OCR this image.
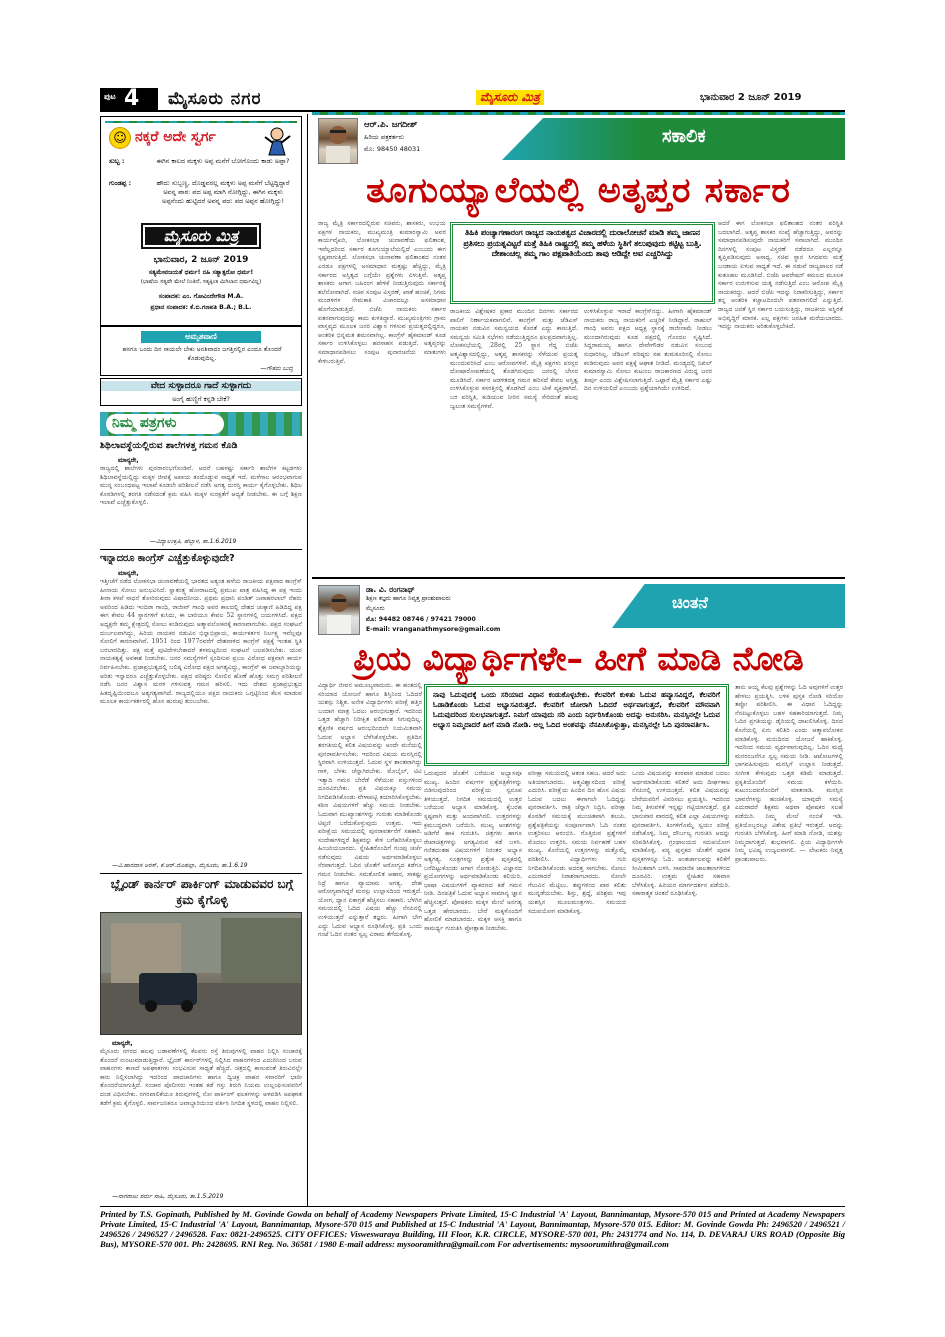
ಪುಟ 4 ಮೈಸೂರು ನಗರ	ಮೈಸೂರು ಮಿತ್ರ	ಭಾನುವಾರ 2 ಜೂನ್ 2019
☺ ನಕ್ಕರೆ ಅದೇ ಸ್ವರ್ಗ
ಸುಬ್ಬ :	ಈಗಿನ ಕಾಲದ ಮಕ್ಕಳು ಅಪ್ಪ ಮನೆಗೆ ಬೋಗೊಂದು ಕಾಡು ಅಪ್ಪಾ?
ಗುಂಡಪ್ಪ :	ಹೌದು ಸುಬ್ಬಣ್ಣ, ದೊಡ್ಡವರಲ್ಲ ಮಕ್ಕಳು ಅಪ್ಪ ಮನೆಗೆ ಬೆಟ್ಟದ್ದಿದ್ದಾರೆ ಅವನ್ನ ಪಾಠ: ಪದ ಅಪ್ಪ ಮಾಗಿ ನೋಗ್ಗಿದ್ದು, ಈಗಿನ ಮಕ್ಕಳು ಅಪ್ಪನೆಂದು ಹುಟ್ಟಿದರೆ ಅವನ್ನ ಪದ: ಪದ ಅಪ್ಪನ ಹೋಗ್ಗಿದ್ದು!
ಮೈಸೂರು ಮಿತ್ರ
ಭಾನುವಾರ, 2 ಜೂನ್ 2019
ಸತ್ಯಮೇವಜಯತೆ ಧರ್ಮ! ನಹಿ ಸತ್ಯಾತ್ಪರೋ ಧರ್ಮ!
(ಭಾಷೆಯ ಸತ್ಯವೇ ಮೇಲೆ ನಿಂತಿದೆ, ಸತ್ಯಕ್ಕಿಂತ ಮಿಗಿಲಾದ ಧರ್ಮವಿಲ್ಲ)
ಸಂಪಾದಕ: ಎಂ. ಗೋವಿಂದೇಗೌಡ M.A.
ಪ್ರಧಾನ ಸಂಪಾದಕ: ಕೆ.ಬಿ.ಗಣಪತಿ B.A.; B.L.
ಅಮೃತವಾಣಿ
ಹಸಗೂ ಒಂದು ದಿನ ಸಾಯಲೇ ಬೇಕು ಅನತಿವಾದಂ ಜಗತ್ತಿನಲ್ಲಿನ ಎಂದೂ ತೊಂದರೆ ಕೊಡುವುದಿಲ್ಲ.
—ಗೌತಮ ಬುದ್ಧ
ವೇದ ಸುಳ್ಳಾದರೂ ಗಾದೆ ಸುಳ್ಳಾಗದು
ಅಂಗೈ ಹುಣ್ಣಿಗೆ ಕನ್ನಡಿ ಬೇಕೆ?
ನಿಮ್ಮ ಪತ್ರಗಳು
ಶಿಥಿಲಾವಸ್ಥೆಯಲ್ಲಿರುವ ಶಾಲೆಗಳತ್ತ ಗಮನ ಕೊಡಿ
ಮಾನ್ಯರೇ,
ರಾಜ್ಯದಲ್ಲಿ ಶಾಲೆಗಳು ಪುನರಾರಂಭಗೊಂಡಿವೆ. ಆದರೆ ಬಹಳಷ್ಟು ಸರ್ಕಾರಿ ಶಾಲೆಗಳ ಕಟ್ಟಡಗಳು ಶಿಥಿಲಾವಸ್ಥೆಯಲ್ಲಿದ್ದು ಮಕ್ಕಳ ಜೀವಕ್ಕೆ ಅಪಾಯ ತಂದೊಡ್ಡುವ ಸಾಧ್ಯತೆ ಇದೆ. ಮಳೆಗಾಲ ಆರಂಭವಾಗುವ ಮುನ್ನ ಸಂಬಂಧಪಟ್ಟ ಇಲಾಖೆ ಕೂಡಲೇ ಪರಿಶೀಲನೆ ನಡೆಸಿ ಅಗತ್ಯ ದುರಸ್ತಿ ಕಾರ್ಯ ಕೈಗೊಳ್ಳಬೇಕು. ಶಿಥಿಲ ಕೊಠಡಿಗಳಲ್ಲಿ ತರಗತಿ ನಡೆಸದಂತೆ ಕ್ರಮ ವಹಿಸಿ ಮಕ್ಕಳ ಸುರಕ್ಷತೆಗೆ ಆದ್ಯತೆ ನೀಡಬೇಕು. ಈ ಬಗ್ಗೆ ಶಿಕ್ಷಣ ಇಲಾಖೆ ಎಚ್ಚೆತ್ತುಕೊಳ್ಳಲಿ.
—ವಿದ್ಯಾಲಂಕೃತಿ, ಹೆಬ್ಬಾಳ, ತಾ.1.6.2019
ಇನ್ನಾದರೂ ಕಾಂಗ್ರೆಸ್ ಎಚ್ಚೆತ್ತುಕೊಳ್ಳುವುದೇ?
ಮಾನ್ಯರೇ,
ಇತ್ತೀಚೆಗೆ ನಡೆದ ಲೋಕಸಭಾ ಚುನಾವಣೆಯಲ್ಲಿ ಭಾರತದ ಅತ್ಯಂತ ಹಳೆಯ ರಾಜಕೀಯ ಪಕ್ಷವಾದ ಕಾಂಗ್ರೆಸ್ ಹೀನಾಯ ಸೋಲು ಅನುಭವಿಸಿದೆ. ಸ್ವಾತಂತ್ರ್ಯ ಹೋರಾಟದಲ್ಲಿ ಪ್ರಮುಖ ಪಾತ್ರ ವಹಿಸಿದ್ದ ಈ ಪಕ್ಷ ಇಂದು ತೀರಾ ಕಳಪೆ ಸಾಧನೆ ತೋರಿರುವುದು ವಿಷಾದನೀಯ. ಪ್ರಥಮ ಪ್ರಧಾನಿ ಪಂಡಿತ್ ಜವಾಹರಲಾಲ್ ನೆಹರು ಅವರಿಂದ ಹಿಡಿದು ಇಂದಿರಾ ಗಾಂಧಿ, ರಾಜೀವ್ ಗಾಂಧಿ ಅವರ ಕಾಲದಲ್ಲಿ ದೇಶದ ಚುಕ್ಕಾಣಿ ಹಿಡಿದಿದ್ದ ಪಕ್ಷ ಈಗ ಕೇವಲ 44 ಸ್ಥಾನಗಳಿಗೆ ಕುಸಿದು, ಈ ಬಾರಿಯೂ ಕೇವಲ 52 ಸ್ಥಾನಗಳಲ್ಲಿ ಜಯಗಳಿಸಿದೆ. ಪಕ್ಷದ ಅಧ್ಯಕ್ಷರೇ ತಮ್ಮ ಕ್ಷೇತ್ರದಲ್ಲಿ ಸೋಲು ಕಂಡಿರುವುದು ಆತ್ಮಾವಲೋಕನಕ್ಕೆ ಕಾರಣವಾಗಬೇಕು. ಪಕ್ಷದ ಸಂಘಟನೆ ದುರ್ಬಲವಾಗಿದ್ದು, ಹಿರಿಯ ನಾಯಕರ ನಡುವಿನ ಭಿನ್ನಾಭಿಪ್ರಾಯ, ಕಾರ್ಯಕರ್ತರ ನಿರ್ಲಕ್ಷ್ಯ ಇವೆಲ್ಲವೂ ಸೋಲಿಗೆ ಕಾರಣವಾಗಿವೆ. 1951 ರಿಂದ 1977ರವರೆಗೆ ದೇಶವಾಳಿದ ಕಾಂಗ್ರೆಸ್ ಪಕ್ಷಕ್ಕೆ ಇಂತಹ ಸ್ಥಿತಿ ಬರಬಾರದಿತ್ತು. ಪಕ್ಷ ಮತ್ತೆ ಪುಟಿದೇಳಬೇಕಾದರೆ ತಳಮಟ್ಟದಿಂದ ಸಂಘಟನೆ ಬಲಪಡಿಸಬೇಕು. ಯುವ ನಾಯಕತ್ವಕ್ಕೆ ಅವಕಾಶ ನೀಡಬೇಕು. ಜನರ ಸಮಸ್ಯೆಗಳಿಗೆ ಸ್ಪಂದಿಸುವ ಪ್ರಬಲ ವಿರೋಧ ಪಕ್ಷವಾಗಿ ಕಾರ್ಯ ನಿರ್ವಹಿಸಬೇಕು. ಪ್ರಜಾಪ್ರಭುತ್ವದಲ್ಲಿ ಬಲಿಷ್ಠ ವಿರೋಧ ಪಕ್ಷದ ಅಗತ್ಯವಿದ್ದು, ಕಾಂಗ್ರೆಸ್ ಈ ಜವಾಬ್ದಾರಿಯನ್ನು ಅರಿತು ಇನ್ನಾದರೂ ಎಚ್ಚೆತ್ತುಕೊಳ್ಳಬೇಕು. ಪಕ್ಷದ ವರಿಷ್ಠರು ಸೋಲಿನ ಹೊಣೆ ಹೊತ್ತು ಸಮಗ್ರ ಪರಿಶೀಲನೆ ನಡೆಸಿ ಜನರ ವಿಶ್ವಾಸ ಮರಳಿ ಗಳಿಸುವತ್ತ ಗಮನ ಹರಿಸಲಿ. ಇದು ದೇಶದ ಪ್ರಜಾಪ್ರಭುತ್ವದ ಹಿತದೃಷ್ಟಿಯಿಂದಲೂ ಅತ್ಯಗತ್ಯವಾಗಿದೆ. ರಾಜ್ಯದಲ್ಲಿಯೂ ಪಕ್ಷದ ನಾಯಕರು ಒಗ್ಗಟ್ಟಿನಿಂದ ಕೆಲಸ ಮಾಡುವ ಮೂಲಕ ಕಾರ್ಯಕರ್ತರಲ್ಲಿ ಹೊಸ ಹುರುಪು ತುಂಬಬೇಕು.
—ವಿ.ಹಾರದಾಸ ಅರಸ್, ಕೆ.ಆರ್.ಮೊಹಲ್ಲಾ, ಮೈಸೂರು, ತಾ.1.6.19
ಬ್ಲೈಂಡ್ ಕಾರ್ನರ್ ಪಾರ್ಕಿಂಗ್ ಮಾಡುವವರ ಬಗ್ಗೆ ಕ್ರಮ ಕೈಗೊಳ್ಳಿ
ಮಾನ್ಯರೇ,
ಮೈಸೂರು ನಗರದ ಹಲವು ಬಡಾವಣೆಗಳಲ್ಲಿ ಕೆಲವರು ರಸ್ತೆ ತಿರುವುಗಳಲ್ಲಿ ವಾಹನ ನಿಲ್ಲಿಸಿ ಸಂಚಾರಕ್ಕೆ ತೊಂದರೆ ಉಂಟುಮಾಡುತ್ತಿದ್ದಾರೆ. ಬ್ಲೈಂಡ್ ಕಾರ್ನರ್‌ಗಳಲ್ಲಿ ನಿಲ್ಲಿಸಿದ ವಾಹನಗಳಿಂದ ಎದುರಿನಿಂದ ಬರುವ ವಾಹನಗಳು ಕಾಣದೆ ಅಪಘಾತಗಳು ಸಂಭವಿಸುವ ಸಾಧ್ಯತೆ ಹೆಚ್ಚಿದೆ. ಚಿತ್ರದಲ್ಲಿ ಕಾಣುವಂತೆ ತಿರುವಿನಲ್ಲೇ ಕಾರು ನಿಲ್ಲಿಸಲಾಗಿದ್ದು ಇದರಿಂದ ಪಾದಚಾರಿಗಳು ಹಾಗೂ ದ್ವಿಚಕ್ರ ವಾಹನ ಸವಾರರಿಗೆ ಭಾರೀ ತೊಂದರೆಯಾಗುತ್ತಿದೆ. ಸಂಚಾರ ಪೊಲೀಸರು ಇಂತಹ ಕಡೆ ಗಸ್ತು ತಿರುಗಿ ನಿಯಮ ಉಲ್ಲಂಘಿಸುವವರಿಗೆ ದಂಡ ವಿಧಿಸಬೇಕು. ನಗರಪಾಲಿಕೆಯೂ ತಿರುವುಗಳಲ್ಲಿ ನೋ ಪಾರ್ಕಿಂಗ್ ಫಲಕಗಳನ್ನು ಅಳವಡಿಸಿ ಅಪಘಾತ ತಡೆಗೆ ಕ್ರಮ ಕೈಗೊಳ್ಳಲಿ. ಸಾರ್ವಜನಿಕರೂ ಜವಾಬ್ದಾರಿಯಿಂದ ವರ್ತಿಸಿ ನಿಗದಿತ ಸ್ಥಳದಲ್ಲಿ ವಾಹನ ನಿಲ್ಲಿಸಲಿ.
—ನಾಗರಾಜು ಶರ್ಮ ಸಾಹಿ, ಮೈಸೂರು, ತಾ.1.5.2019
ಆರ್.ಪಿ. ಜಗದೀಶ್
ಹಿರಿಯ ಪತ್ರಕರ್ತರು
ಮೊ: 98450 48031
ಸಕಾಲಿಕ
ತೂಗುಯ್ಯಾಲೆಯಲ್ಲಿ ಅತೃಪ್ತರ ಸರ್ಕಾರ
ರಾಜ್ಯ ಮೈತ್ರಿ ಸರ್ಕಾರದಲ್ಲಿರುವ ಸಚಿವರು, ಶಾಸಕರು, ಉಭಯ ಪಕ್ಷಗಳ ನಾಯಕರು, ಮುಖ್ಯಮಂತ್ರಿ ಕುಮಾರಸ್ವಾಮಿ ಅವರ ಕಾರ್ಯವೈಖರಿ, ಲೋಕಸಭಾ ಚುನಾವಣೆಯ ಫಲಿತಾಂಶ, ಇವೆಲ್ಲದರಿಂದ ಸರ್ಕಾರ ತೂಗುಯ್ಯಾಲೆಯಲ್ಲಿದೆ ಎಂಬುದು ಈಗ ಸ್ಪಷ್ಟವಾಗುತ್ತಿದೆ. ಲೋಕಸಭಾ ಚುನಾವಣಾ ಫಲಿತಾಂಶದ ನಂತರ ಎರಡೂ ಪಕ್ಷಗಳಲ್ಲಿ ಅಸಮಾಧಾನ ಮತ್ತಷ್ಟು ಹೆಚ್ಚಿದ್ದು, ಮೈತ್ರಿ ಸರ್ಕಾರದ ಅಸ್ತಿತ್ವದ ಬಗ್ಗೆಯೇ ಪ್ರಶ್ನೆಗಳು ಏಳುತ್ತಿವೆ. ಅತೃಪ್ತ ಶಾಸಕರು ಆಗಾಗ ಬಹಿರಂಗ ಹೇಳಿಕೆ ನೀಡುತ್ತಿರುವುದು ಸರ್ಕಾರಕ್ಕೆ ತಲೆನೋವಾಗಿದೆ. ಸಚಿವ ಸಂಪುಟ ವಿಸ್ತರಣೆ, ಖಾತೆ ಹಂಚಿಕೆ, ನಿಗಮ ಮಂಡಳಿಗಳ ನೇಮಕಾತಿ ವಿಚಾರದಲ್ಲೂ ಅಸಮಾಧಾನ ಹೊಗೆಯಾಡುತ್ತಿದೆ. ಬಿಜೆಪಿ ನಾಯಕರು ಸರ್ಕಾರ ಪತನವಾಗುವುದನ್ನು ಕಾದು ಕುಳಿತಿದ್ದಾರೆ. ಮುಖ್ಯಮಂತ್ರಿಗಳು ಗ್ರಾಮ ವಾಸ್ತವ್ಯದ ಮೂಲಕ ಜನರ ವಿಶ್ವಾಸ ಗಳಿಸುವ ಪ್ರಯತ್ನದಲ್ಲಿದ್ದರೂ, ಆಂತರಿಕ ಭಿನ್ನಮತ ಶಮನವಾಗಿಲ್ಲ. ಕಾಂಗ್ರೆಸ್ ಹೈಕಮಾಂಡ್ ಕೂಡ ಸರ್ಕಾರ ಉಳಿಸಿಕೊಳ್ಳಲು ಹರಸಾಹಸ ಪಡುತ್ತಿದೆ. ಅತೃಪ್ತರನ್ನು ಸಮಾಧಾನಪಡಿಸಲು ಸಂಪುಟ ಪುನಾರಚನೆಯ ಮಾತುಗಳು ಕೇಳಿಬರುತ್ತಿವೆ.
ತಿಹಿಕಿ ಪಂಚ್ಯಾಗಣಾರಂಗ ರಾಜ್ಯದ ನಾಯಕತ್ವದ ವಿಚಾರದಲ್ಲಿ ದುರಾಲೋಚನೆ ಮಾಡಿ ತಮ್ಮ ಜಾಣನ ಪ್ರತಿಸಲು ಪ್ರಯತ್ನವಿಟ್ಟರೆ ಮತ್ತೆ ತಿಹಿಕಿ ರಾಷ್ಟ್ರದಲ್ಲಿ ತಮ್ಮ ಹಳೆಯ ಸ್ಥಿತಿಗೆ ತಲುಪುವುದು ಕಟ್ಟಿಟ್ಟ ಬುತ್ತಿ. ದೇಶಾಂಚಲ್ಲ ತಮ್ಮ ಗಾಂ ಪಕ್ಷಪಾತಿಯೆಂದು ತಾವು ಆಡಿದ್ದೇ ಅವ ಎಚ್ಚರಿಸಿದ್ದು
ರಾಜಕೀಯ ವಿಶ್ಲೇಷಕರ ಪ್ರಕಾರ ಮುಂದಿನ ದಿನಗಳು ಸರ್ಕಾರದ ಪಾಲಿಗೆ ನಿರ್ಣಾಯಕವಾಗಲಿವೆ. ಕಾಂಗ್ರೆಸ್ ಮತ್ತು ಜೆಡಿಎಸ್ ನಾಯಕರ ನಡುವಿನ ಸಮನ್ವಯದ ಕೊರತೆ ಎದ್ದು ಕಾಣುತ್ತಿದೆ. ಸಮನ್ವಯ ಸಮಿತಿ ಸಭೆಗಳು ನಡೆಯುತ್ತಿದ್ದರೂ ಫಲಪ್ರದವಾಗುತ್ತಿಲ್ಲ. ಲೋಕಸಭೆಯಲ್ಲಿ 28ರಲ್ಲಿ 25 ಸ್ಥಾನ ಗೆದ್ದ ಬಿಜೆಪಿ ಆತ್ಮವಿಶ್ವಾಸದಲ್ಲಿದ್ದು, ಅತೃಪ್ತ ಶಾಸಕರನ್ನು ಸೆಳೆಯುವ ಪ್ರಯತ್ನ ಮುಂದುವರಿಸಿದೆ ಎಂಬ ಆರೋಪಗಳಿವೆ. ಮೈತ್ರಿ ಪಕ್ಷಗಳು ಪರಸ್ಪರ ದೋಷಾರೋಪಣೆಯಲ್ಲಿ ತೊಡಗಿರುವುದು ಜನರಲ್ಲಿ ಬೇಸರ ಮೂಡಿಸಿದೆ. ಸರ್ಕಾರ ಆಡಳಿತದತ್ತ ಗಮನ ಹರಿಸದೆ ಕೇವಲ ಅಸ್ತಿತ್ವ ಉಳಿಸಿಕೊಳ್ಳುವ ಕಸರತ್ತಿನಲ್ಲಿ ತೊಡಗಿದೆ ಎಂಬ ಟೀಕೆ ವ್ಯಕ್ತವಾಗಿದೆ. ಬರ ಪರಿಸ್ಥಿತಿ, ಕುಡಿಯುವ ನೀರಿನ ಸಮಸ್ಯೆ ಸೇರಿದಂತೆ ಹಲವು ಜ್ವಲಂತ ಸಮಸ್ಯೆಗಳಿವೆ.
ಉಳಿಸಿಕೊಳ್ಳುವ ಇರಾದೆ ಕಾಂಗ್ರೆಸ್‌ನದ್ದು. ಹೀಗಾಗಿ ಹೈಕಮಾಂಡ್ ನಾಯಕರು ರಾಜ್ಯ ನಾಯಕರಿಗೆ ಎಚ್ಚರಿಕೆ ನೀಡಿದ್ದಾರೆ. ರಾಹುಲ್ ಗಾಂಧಿ ಅವರು ಪಕ್ಷದ ಅಧ್ಯಕ್ಷ ಸ್ಥಾನಕ್ಕೆ ರಾಜೀನಾಮೆ ನೀಡಲು ಮುಂದಾಗಿರುವುದು ಕೂಡ ಪಕ್ಷದಲ್ಲಿ ಗೊಂದಲ ಸೃಷ್ಟಿಸಿದೆ. ಸಿದ್ದರಾಮಯ್ಯ ಹಾಗೂ ದೇವೇಗೌಡರ ನಡುವಿನ ಸಂಬಂಧ ಸುಧಾರಿಸಿಲ್ಲ. ಜೆಡಿಎಸ್ ವರಿಷ್ಠರು ಸಹ ತುಮಕೂರಿನಲ್ಲಿ ಸೋಲು ಕಂಡಿರುವುದು ಅವರ ಪಕ್ಷಕ್ಕೆ ಆಘಾತ ನೀಡಿದೆ. ಮಂಡ್ಯದಲ್ಲಿ ನಿಖಿಲ್ ಕುಮಾರಸ್ವಾಮಿ ಸೋಲು ಕುಟುಂಬ ರಾಜಕಾರಣದ ವಿರುದ್ಧ ಜನರ ತೀರ್ಪು ಎಂದು ವಿಶ್ಲೇಷಿಸಲಾಗುತ್ತಿದೆ. ಒಟ್ಟಾರೆ ಮೈತ್ರಿ ಸರ್ಕಾರ ಎಷ್ಟು ದಿನ ಉಳಿಯಲಿದೆ ಎಂಬುದು ಪ್ರಶ್ನೆಯಾಗಿಯೇ ಉಳಿದಿದೆ.
ಆದರೆ ಈಗ ಲೋಕಸಭಾ ಫಲಿತಾಂಶದ ನಂತರ ಪರಿಸ್ಥಿತಿ ಬದಲಾಗಿದೆ. ಅತೃಪ್ತ ಶಾಸಕರ ಸಂಖ್ಯೆ ಹೆಚ್ಚಾಗುತ್ತಿದ್ದು, ಅವರನ್ನು ಸಮಾಧಾನಪಡಿಸುವುದೇ ನಾಯಕರಿಗೆ ಸವಾಲಾಗಿದೆ. ಮುಂದಿನ ದಿನಗಳಲ್ಲಿ ಸಂಪುಟ ವಿಸ್ತರಣೆ ನಡೆದರೂ ಎಲ್ಲರನ್ನೂ ತೃಪ್ತಿಪಡಿಸುವುದು ಅಸಾಧ್ಯ. ಸಚಿವ ಸ್ಥಾನ ಸಿಗದವರು ಮತ್ತೆ ಬಂಡಾಯ ಏಳುವ ಸಾಧ್ಯತೆ ಇದೆ. ಈ ನಡುವೆ ರಾಜ್ಯಪಾಲರ ನಡೆ ಕುತೂಹಲ ಮೂಡಿಸಿದೆ. ಬಿಜೆಪಿ ಆಪರೇಷನ್ ಕಮಲದ ಮೂಲಕ ಸರ್ಕಾರ ಉರುಳಿಸುವ ಯತ್ನ ನಡೆಸುತ್ತಿದೆ ಎಂಬ ಆರೋಪ ಮೈತ್ರಿ ನಾಯಕರದ್ದು. ಆದರೆ ಬಿಜೆಪಿ ಇದನ್ನು ನಿರಾಕರಿಸುತ್ತಿದ್ದು, ಸರ್ಕಾರ ತನ್ನ ಆಂತರಿಕ ಕಚ್ಚಾಟದಿಂದಲೇ ಪತನವಾಗಲಿದೆ ಎನ್ನುತ್ತಿದೆ. ರಾಜ್ಯದ ಜನತೆ ಸ್ಥಿರ ಸರ್ಕಾರ ಬಯಸುತ್ತಿದ್ದು, ರಾಜಕೀಯ ಅಸ್ಥಿರತೆ ಅಭಿವೃದ್ಧಿಗೆ ಮಾರಕ. ಎಲ್ಲ ಪಕ್ಷಗಳು ಜನಹಿತ ಮರೆಯಬಾರದು. ಇದನ್ನು ನಾಯಕರು ಅರಿತುಕೊಳ್ಳಬೇಕಿದೆ.
ಡಾ. ವಿ. ರಂಗನಾಥ್
ಶಿಕ್ಷಣ ತಜ್ಞರು ಹಾಗೂ ನಿವೃತ್ತ ಪ್ರಾಂಶುಪಾಲರು
ಮೈಸೂರು
ಮೊ: 94482 08746 / 97421 79000
E-mail: vranganathmysore@gmail.com
ಚಿಂತನೆ
ಪ್ರಿಯ ವಿದ್ಯಾರ್ಥಿಗಳೇ– ಹೀಗೆ ಮಾಡಿ ನೋಡಿ
ವಿದ್ಯಾರ್ಥಿ ಜೀವನ ಅಮೂಲ್ಯವಾದುದು. ಈ ಹಂತದಲ್ಲಿ ಸರಿಯಾದ ಯೋಜನೆ ಹಾಗೂ ಶಿಸ್ತಿನಿಂದ ಓದಿದರೆ ಯಶಸ್ಸು ನಿಶ್ಚಿತ. ಅನೇಕ ವಿದ್ಯಾರ್ಥಿಗಳು ಪರೀಕ್ಷೆ ಹತ್ತಿರ ಬಂದಾಗ ಮಾತ್ರ ಓದಲು ಆರಂಭಿಸುತ್ತಾರೆ. ಇದರಿಂದ ಒತ್ತಡ ಹೆಚ್ಚಾಗಿ ನಿರೀಕ್ಷಿತ ಫಲಿತಾಂಶ ಸಿಗುವುದಿಲ್ಲ. ಶೈಕ್ಷಣಿಕ ವರ್ಷದ ಆರಂಭದಿಂದಲೇ ನಿಯಮಿತವಾಗಿ ಓದುವ ಅಭ್ಯಾಸ ಬೆಳೆಸಿಕೊಳ್ಳಬೇಕು. ಪ್ರತಿದಿನ ತರಗತಿಯಲ್ಲಿ ಕಲಿತ ವಿಷಯವನ್ನು ಅಂದೇ ಮನೆಯಲ್ಲಿ ಪುನರಾವರ್ತಿಸಬೇಕು. ಇದರಿಂದ ವಿಷಯ ಮನಸ್ಸಿನಲ್ಲಿ ಸ್ಥಿರವಾಗಿ ಉಳಿಯುತ್ತದೆ. ಓದುವ ಸ್ಥಳ ಶಾಂತವಾಗಿದ್ದು ಗಾಳಿ, ಬೆಳಕು ಚೆನ್ನಾಗಿರಬೇಕು. ಮೊಬೈಲ್, ಟಿವಿ ಇತ್ಯಾದಿ ಗಮನ ಬೇರೆಡೆ ಸೆಳೆಯುವ ವಸ್ತುಗಳಿಂದ ದೂರವಿರಬೇಕು. ಪ್ರತಿ ವಿಷಯಕ್ಕೂ ಸಮಯ ನಿಗದಿಪಡಿಸಿಕೊಂಡು ವೇಳಾಪಟ್ಟಿ ತಯಾರಿಸಿಕೊಳ್ಳಬೇಕು. ಕಠಿಣ ವಿಷಯಗಳಿಗೆ ಹೆಚ್ಚು ಸಮಯ ನೀಡಬೇಕು. ಓದುವಾಗ ಮುಖ್ಯಾಂಶಗಳನ್ನು ಗುರುತು ಮಾಡಿಕೊಂಡು ಟಿಪ್ಪಣಿ ಬರೆದುಕೊಳ್ಳುವುದು ಉತ್ತಮ. ಇದು ಪರೀಕ್ಷೆಯ ಸಮಯದಲ್ಲಿ ಪುನರಾವರ್ತನೆಗೆ ಸಹಕಾರಿ. ಸಂದೇಹಗಳಿದ್ದರೆ ಶಿಕ್ಷಕರನ್ನು ಕೇಳಿ ಬಗೆಹರಿಸಿಕೊಳ್ಳಲು ಹಿಂಜರಿಯಬಾರದು. ಸ್ನೇಹಿತರೊಂದಿಗೆ ಗುಂಪು ಚರ್ಚೆ ನಡೆಸುವುದು ವಿಷಯ ಅರ್ಥಮಾಡಿಕೊಳ್ಳಲು ನೆರವಾಗುತ್ತದೆ. ಓದಿನ ಜೊತೆಗೆ ಆರೋಗ್ಯದ ಕಡೆಗೂ ಗಮನ ನೀಡಬೇಕು. ಸಮತೋಲಿತ ಆಹಾರ, ಸಾಕಷ್ಟು ನಿದ್ರೆ ಹಾಗೂ ವ್ಯಾಯಾಮ ಅಗತ್ಯ. ದೇಹ ಆರೋಗ್ಯವಾಗಿದ್ದರೆ ಮನಸ್ಸು ಉಲ್ಲಾಸದಿಂದ ಇರುತ್ತದೆ. ಯೋಗ, ಧ್ಯಾನ ಏಕಾಗ್ರತೆ ಹೆಚ್ಚಿಸಲು ಸಹಕಾರಿ. ಬೆಳಗಿನ ಸಮಯದಲ್ಲಿ ಓದಿದ ವಿಷಯ ಹೆಚ್ಚು ನೆನಪಿನಲ್ಲಿ ಉಳಿಯುತ್ತದೆ ಎನ್ನುತ್ತಾರೆ ತಜ್ಞರು. ಹೀಗಾಗಿ ಬೇಗ ಎದ್ದು ಓದುವ ಅಭ್ಯಾಸ ರೂಢಿಸಿಕೊಳ್ಳಿ. ಪ್ರತಿ ಒಂದು ಗಂಟೆ ಓದಿನ ನಂತರ ಸ್ವಲ್ಪ ವಿರಾಮ ತೆಗೆದುಕೊಳ್ಳಿ.
ನಾವು ಓದುವುದಕ್ಕೆ ಒಂದು ಸರಿಯಾದ ವಿಧಾನ ಕಂಡುಕೊಳ್ಳಬೇಕು. ಕೆಲವರಿಗೆ ಕುಳಿತು ಓದುವ ಹವ್ಯಾಸವಿದ್ದರೆ, ಕೆಲವರಿಗೆ ಓಡಾಡಿಕೊಂಡು ಓದುವ ಅಭ್ಯಾಸವಿರುತ್ತದೆ. ಕೆಲವರಿಗೆ ಜೋರಾಗಿ ಓದಿದರೆ ಅರ್ಥವಾಗುತ್ತದೆ, ಕೆಲವರಿಗೆ ಮೌನವಾಗಿ ಓದುವುದರಿಂದ ಸುಲಭವಾಗುತ್ತದೆ. ನಿಮಗೆ ಯಾವುದು ಸರಿ ಎಂದು ನಿರ್ಧರಿಸಿಕೊಂಡು ಅದನ್ನು ಅನುಸರಿಸಿ. ಮನಸ್ಸಿನಲ್ಲೇ ಓದುವ ಅಭ್ಯಾಸ ನಿಮ್ಮದಾದರೆ ಹೀಗೆ ಮಾಡಿ ನೋಡಿ. ಅಲ್ಲ ಓದಿದ ಅಂಶವನ್ನು ನೆನಪಿಸಿಕೊಳ್ಳುತ್ತಾ, ಮನಸ್ಸಿನಲ್ಲೇ ಓದಿ ಪುನರಾವರ್ತಿಸಿ.
ಓದುವುದರ ಜೊತೆಗೆ ಬರೆಯುವ ಅಭ್ಯಾಸವೂ ಮುಖ್ಯ. ಹಿಂದಿನ ವರ್ಷಗಳ ಪ್ರಶ್ನೆಪತ್ರಿಕೆಗಳನ್ನು ಬಿಡಿಸುವುದರಿಂದ ಪರೀಕ್ಷೆಯ ಸ್ವರೂಪ ತಿಳಿಯುತ್ತದೆ. ನಿಗದಿತ ಸಮಯದಲ್ಲಿ ಉತ್ತರ ಬರೆಯುವ ಅಭ್ಯಾಸ ಮಾಡಿಕೊಳ್ಳಿ. ಕೈಬರಹ ಸ್ಪಷ್ಟವಾಗಿ ಮತ್ತು ಅಂದವಾಗಿರಲಿ. ಉತ್ತರಗಳನ್ನು ಕ್ರಮಬದ್ಧವಾಗಿ ಬರೆಯಿರಿ. ಮುಖ್ಯ ಅಂಶಗಳನ್ನು ಅಡಿಗೆರೆ ಹಾಕಿ ಗುರುತಿಸಿ. ಚಿತ್ರಗಳು ಹಾಗೂ ರೇಖಾಚಿತ್ರಗಳನ್ನು ಅಗತ್ಯವಿರುವ ಕಡೆ ಬಳಸಿ. ಗಣಿತದಂತಹ ವಿಷಯಗಳಿಗೆ ನಿರಂತರ ಅಭ್ಯಾಸ ಅತ್ಯಗತ್ಯ. ಸೂತ್ರಗಳನ್ನು ಪ್ರತ್ಯೇಕ ಪುಸ್ತಕದಲ್ಲಿ ಬರೆದಿಟ್ಟುಕೊಂಡು ಆಗಾಗ ನೋಡುತ್ತಿರಿ. ವಿಜ್ಞಾನದ ಪ್ರಯೋಗಗಳನ್ನು ಅರ್ಥಮಾಡಿಕೊಂಡು ಕಲಿಯಿರಿ. ಭಾಷಾ ವಿಷಯಗಳಿಗೆ ವ್ಯಾಕರಣದ ಕಡೆ ಗಮನ ನೀಡಿ. ದಿನಪತ್ರಿಕೆ ಓದುವ ಅಭ್ಯಾಸ ಸಾಮಾನ್ಯ ಜ್ಞಾನ ಹೆಚ್ಚಿಸುತ್ತದೆ. ಪೋಷಕರು ಮಕ್ಕಳ ಮೇಲೆ ಅನಗತ್ಯ ಒತ್ತಡ ಹೇರಬಾರದು. ಬೇರೆ ಮಕ್ಕಳೊಂದಿಗೆ ಹೋಲಿಕೆ ಮಾಡಬಾರದು. ಮಕ್ಕಳ ಆಸಕ್ತಿ ಹಾಗೂ ಸಾಮರ್ಥ್ಯ ಗುರುತಿಸಿ ಪ್ರೋತ್ಸಾಹ ನೀಡಬೇಕು.
ಪರೀಕ್ಷಾ ಸಮಯದಲ್ಲಿ ಆತಂಕ ಸಹಜ. ಆದರೆ ಅದು ಅತಿಯಾಗಬಾರದು. ಆತ್ಮವಿಶ್ವಾಸದಿಂದ ಪರೀಕ್ಷೆ ಎದುರಿಸಿ. ಪರೀಕ್ಷೆಯ ಹಿಂದಿನ ದಿನ ಹೊಸ ವಿಷಯ ಓದುವ ಬದಲು ಈಗಾಗಲೇ ಓದಿದ್ದನ್ನು ಪುನರಾವರ್ತಿಸಿ. ರಾತ್ರಿ ಚೆನ್ನಾಗಿ ನಿದ್ರಿಸಿ. ಪರೀಕ್ಷಾ ಕೊಠಡಿಗೆ ಸಮಯಕ್ಕೆ ಮುಂಚಿತವಾಗಿ ತಲುಪಿ. ಪ್ರಶ್ನೆಪತ್ರಿಕೆಯನ್ನು ಸಂಪೂರ್ಣವಾಗಿ ಓದಿ ನಂತರ ಉತ್ತರಿಸಲು ಆರಂಭಿಸಿ. ಗೊತ್ತಿರುವ ಪ್ರಶ್ನೆಗಳಿಗೆ ಮೊದಲು ಉತ್ತರಿಸಿ. ಸಮಯ ನಿರ್ವಹಣೆ ಬಹಳ ಮುಖ್ಯ. ಕೊನೆಯಲ್ಲಿ ಉತ್ತರಗಳನ್ನು ಮತ್ತೊಮ್ಮೆ ಪರಿಶೀಲಿಸಿ. ವಿದ್ಯಾರ್ಥಿಗಳು ಗುರಿ ನಿಗದಿಪಡಿಸಿಕೊಂಡು ಅದರತ್ತ ಸಾಗಬೇಕು. ಸೋಲು ಎದುರಾದರೆ ನಿರಾಶರಾಗಬಾರದು. ಸೋಲೇ ಗೆಲುವಿನ ಮೆಟ್ಟಿಲು. ತಪ್ಪುಗಳಿಂದ ಪಾಠ ಕಲಿತು ಮುನ್ನಡೆಯಬೇಕು. ಶಿಸ್ತು, ಶ್ರದ್ಧೆ, ಪರಿಶ್ರಮ ಇವು ಯಶಸ್ಸಿನ ಮೂಲಮಂತ್ರಗಳು. ಸಮಯದ ಸದುಪಯೋಗ ಮಾಡಿಕೊಳ್ಳಿ.
ಒಂದು ವಿಷಯವನ್ನು ಕಂಠಪಾಠ ಮಾಡುವ ಬದಲು ಅರ್ಥಮಾಡಿಕೊಂಡು ಕಲಿತರೆ ಅದು ದೀರ್ಘಕಾಲ ನೆನಪಿನಲ್ಲಿ ಉಳಿಯುತ್ತದೆ. ಕಲಿತ ವಿಷಯವನ್ನು ಬೇರೆಯವರಿಗೆ ವಿವರಿಸಲು ಪ್ರಯತ್ನಿಸಿ. ಇದರಿಂದ ನಿಮ್ಮ ತಿಳುವಳಿಕೆ ಇನ್ನಷ್ಟು ಗಟ್ಟಿಯಾಗುತ್ತದೆ. ಪ್ರತಿ ಭಾನುವಾರ ವಾರದಲ್ಲಿ ಕಲಿತ ಎಲ್ಲಾ ವಿಷಯಗಳನ್ನು ಪುನರಾವರ್ತಿಸಿ. ತಿಂಗಳಿಗೊಮ್ಮೆ ಸ್ವಯಂ ಪರೀಕ್ಷೆ ನಡೆಸಿಕೊಳ್ಳಿ. ನಿಮ್ಮ ದೌರ್ಬಲ್ಯ ಗುರುತಿಸಿ ಅದನ್ನು ಸರಿಪಡಿಸಿಕೊಳ್ಳಿ. ಗ್ರಂಥಾಲಯದ ಸದುಪಯೋಗ ಮಾಡಿಕೊಳ್ಳಿ. ಪಠ್ಯ ಪುಸ್ತಕದ ಜೊತೆಗೆ ಪೂರಕ ಪುಸ್ತಕಗಳನ್ನೂ ಓದಿ. ಅಂತರ್ಜಾಲವನ್ನು ಕಲಿಕೆಗೆ ಸೀಮಿತವಾಗಿ ಬಳಸಿ. ಸಾಮಾಜಿಕ ಜಾಲತಾಣಗಳಿಂದ ದೂರವಿರಿ. ಉತ್ತಮ ಸ್ನೇಹಿತರ ಸಹವಾಸ ಬೆಳೆಸಿಕೊಳ್ಳಿ. ಹಿರಿಯರ ಮಾರ್ಗದರ್ಶನ ಪಡೆಯಿರಿ. ಸಕಾರಾತ್ಮಕ ಚಿಂತನೆ ರೂಢಿಸಿಕೊಳ್ಳಿ.
ತಾನು ಆಯ್ದ ಕೆಲವು ಪ್ರಶ್ನೆಗಳನ್ನು ಓದಿ ಅವುಗಳಿಗೆ ಉತ್ತರ ಹೇಳಲು ಪ್ರಯತ್ನಿಸಿ. ಬಳಿಕ ಪುಸ್ತಕ ನೋಡಿ ಸರಿಯೋ ತಪ್ಪೋ ಪರಿಶೀಲಿಸಿ. ಈ ವಿಧಾನ ಓದಿದ್ದನ್ನು ನೆನಪಿಟ್ಟುಕೊಳ್ಳಲು ಬಹಳ ಸಹಕಾರಿಯಾಗುತ್ತದೆ. ನಿಮ್ಮ ಓದಿನ ಪ್ರಗತಿಯನ್ನು ಡೈರಿಯಲ್ಲಿ ದಾಖಲಿಸಿಕೊಳ್ಳಿ. ದಿನದ ಕೊನೆಯಲ್ಲಿ ಏನು ಕಲಿತಿರಿ ಎಂದು ಆತ್ಮಾವಲೋಕನ ಮಾಡಿಕೊಳ್ಳಿ. ಮರುದಿನದ ಯೋಜನೆ ಹಾಕಿಕೊಳ್ಳಿ. ಇದರಿಂದ ಸಮಯ ವ್ಯರ್ಥವಾಗುವುದಿಲ್ಲ. ಓದಿನ ಮಧ್ಯೆ ಮನರಂಜನೆಗೂ ಸ್ವಲ್ಪ ಸಮಯ ನೀಡಿ. ಆಟೋಟಗಳಲ್ಲಿ ಭಾಗವಹಿಸುವುದು ಮನಸ್ಸಿಗೆ ಉಲ್ಲಾಸ ನೀಡುತ್ತದೆ. ಸಂಗೀತ ಕೇಳುವುದು ಒತ್ತಡ ಕಡಿಮೆ ಮಾಡುತ್ತದೆ. ಪ್ರಕೃತಿಯೊಂದಿಗೆ ಸಮಯ ಕಳೆಯಿರಿ. ಕುಟುಂಬದವರೊಂದಿಗೆ ಮಾತನಾಡಿ. ಮನಸ್ಸಿನ ಭಾವನೆಗಳನ್ನು ಹಂಚಿಕೊಳ್ಳಿ. ಯಾವುದೇ ಸಮಸ್ಯೆ ಎದುರಾದರೆ ಶಿಕ್ಷಕರು ಅಥವಾ ಪೋಷಕರ ಸಲಹೆ ಪಡೆಯಿರಿ. ನಿಮ್ಮ ಮೇಲೆ ನಂಬಿಕೆ ಇಡಿ. ಪ್ರತಿಯೊಬ್ಬರಲ್ಲೂ ವಿಶೇಷ ಪ್ರತಿಭೆ ಇರುತ್ತದೆ. ಅದನ್ನು ಗುರುತಿಸಿ ಬೆಳೆಸಿಕೊಳ್ಳಿ. ಹೀಗೆ ಮಾಡಿ ನೋಡಿ, ಯಶಸ್ಸು ನಿಮ್ಮದಾಗುತ್ತದೆ. ಶುಭವಾಗಲಿ. ಪ್ರಿಯ ವಿದ್ಯಾರ್ಥಿಗಳೇ ನಿಮ್ಮ ಭವಿಷ್ಯ ಉಜ್ವಲವಾಗಲಿ. — ಲೇಖಕರು ನಿವೃತ್ತ ಪ್ರಾಂಶುಪಾಲರು.
Printed by T.S. Gopinath, Published by M. Govinde Gowda on behalf of Academy Newspapers Private Limited, 15-C Industrial 'A' Layout, Bannimantap, Mysore-570 015 and Printed at Academy Newspapers Private Limited, 15-C Industrial 'A' Layout, Bannimantap, Mysore-570 015 and Published at 15-C Industrial 'A' Layout, Bannimantap, Mysore-570 015. Editor: M. Govinde Gowda Ph: 2496520 / 2496521 / 2496526 / 2496527 / 2496528. Fax: 0821-2496525. CITY OFFICES: Visweswaraya Building, III Floor, K.R. CIRCLE, MYSORE-570 001, Ph: 2431774 and No. 114, D. DEVARAJ URS ROAD (Opposite Big Bus), MYSORE-570 001. Ph: 2428695. RNI Reg. No. 36581 / 1980 E-mail address: mysooramithra@gmail.com For advertisements: mysoorumithra@gmail.com
